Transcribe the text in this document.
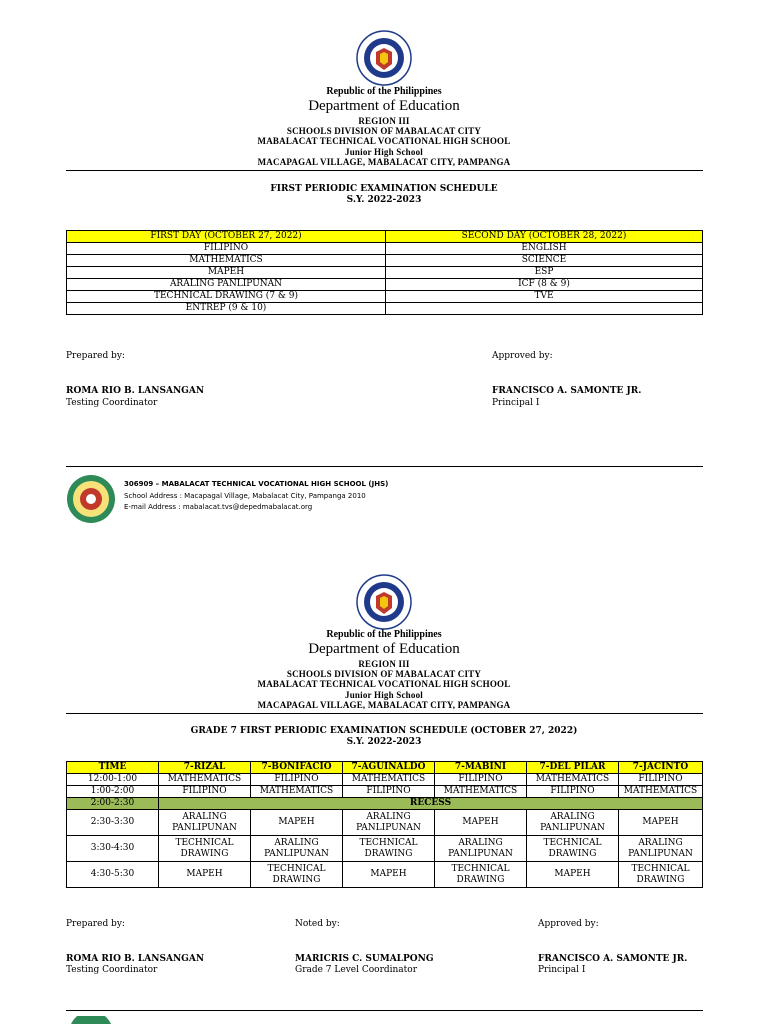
Republic of the Philippines
Department of Education
REGION III
SCHOOLS DIVISION OF MABALACAT CITY
MABALACAT TECHNICAL VOCATIONAL HIGH SCHOOL
Junior High School
MACAPAGAL VILLAGE, MABALACAT CITY, PAMPANGA
FIRST PERIODIC EXAMINATION SCHEDULE
S.Y. 2022-2023
FIRST DAY (OCTOBER 27, 2022)	SECOND DAY (OCTOBER 28, 2022)
FILIPINO	ENGLISH
MATHEMATICS	SCIENCE
MAPEH	ESP
ARALING PANLIPUNAN	ICF (8 & 9)
TECHNICAL DRAWING (7 & 9)	TVE
ENTREP (9 & 10)	
Prepared by:	Approved by:
ROMA RIO B. LANSANGAN
Testing Coordinator
FRANCISCO A. SAMONTE JR.
Principal I
306909 – MABALACAT TECHNICAL VOCATIONAL HIGH SCHOOL (JHS)
School Address : Macapagal Village, Mabalacat City, Pampanga 2010
E-mail Address : mabalacat.tvs@depedmabalacat.org
Republic of the Philippines
Department of Education
REGION III
SCHOOLS DIVISION OF MABALACAT CITY
MABALACAT TECHNICAL VOCATIONAL HIGH SCHOOL
Junior High School
MACAPAGAL VILLAGE, MABALACAT CITY, PAMPANGA
GRADE 7 FIRST PERIODIC EXAMINATION SCHEDULE (OCTOBER 27, 2022)
S.Y. 2022-2023
TIME	7-RIZAL	7-BONIFACIO	7-AGUINALDO	7-MABINI	7-DEL PILAR	7-JACINTO
12:00-1:00	MATHEMATICS	FILIPINO	MATHEMATICS	FILIPINO	MATHEMATICS	FILIPINO
1:00-2:00	FILIPINO	MATHEMATICS	FILIPINO	MATHEMATICS	FILIPINO	MATHEMATICS
2:00-2:30	RECESS					
2:30-3:30	ARALING PANLIPUNAN	MAPEH	ARALING PANLIPUNAN	MAPEH	ARALING PANLIPUNAN	MAPEH
3:30-4:30	TECHNICAL DRAWING	ARALING PANLIPUNAN	TECHNICAL DRAWING	ARALING PANLIPUNAN	TECHNICAL DRAWING	ARALING PANLIPUNAN
4:30-5:30	MAPEH	TECHNICAL DRAWING	MAPEH	TECHNICAL DRAWING	MAPEH	TECHNICAL DRAWING
Prepared by:	Noted by:	Approved by:
ROMA RIO B. LANSANGAN
Testing Coordinator
MARICRIS C. SUMALPONG
Grade 7 Level Coordinator
FRANCISCO A. SAMONTE JR.
Principal I
